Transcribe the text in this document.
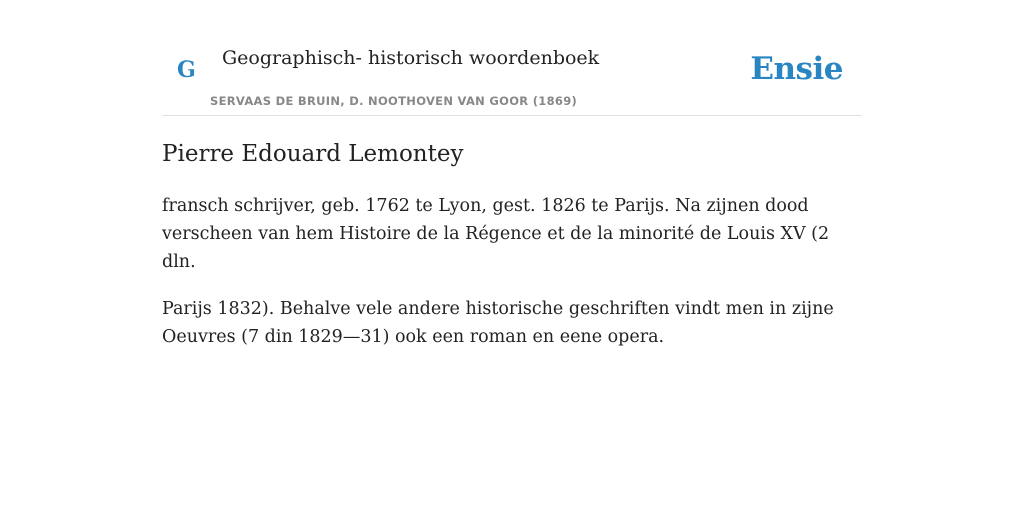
G Geographisch- historisch woordenboek
SERVAAS DE BRUIN, D. NOOTHOVEN VAN GOOR (1869)
Ensie
Pierre Edouard Lemontey

fransch schrijver, geb. 1762 te Lyon, gest. 1826 te Parijs. Na zijnen dood verscheen van hem Histoire de la Régence et de la minorité de Louis XV (2 dln.

Parijs 1832). Behalve vele andere historische geschriften vindt men in zijne Oeuvres (7 din 1829—31) ook een roman en eene opera.
